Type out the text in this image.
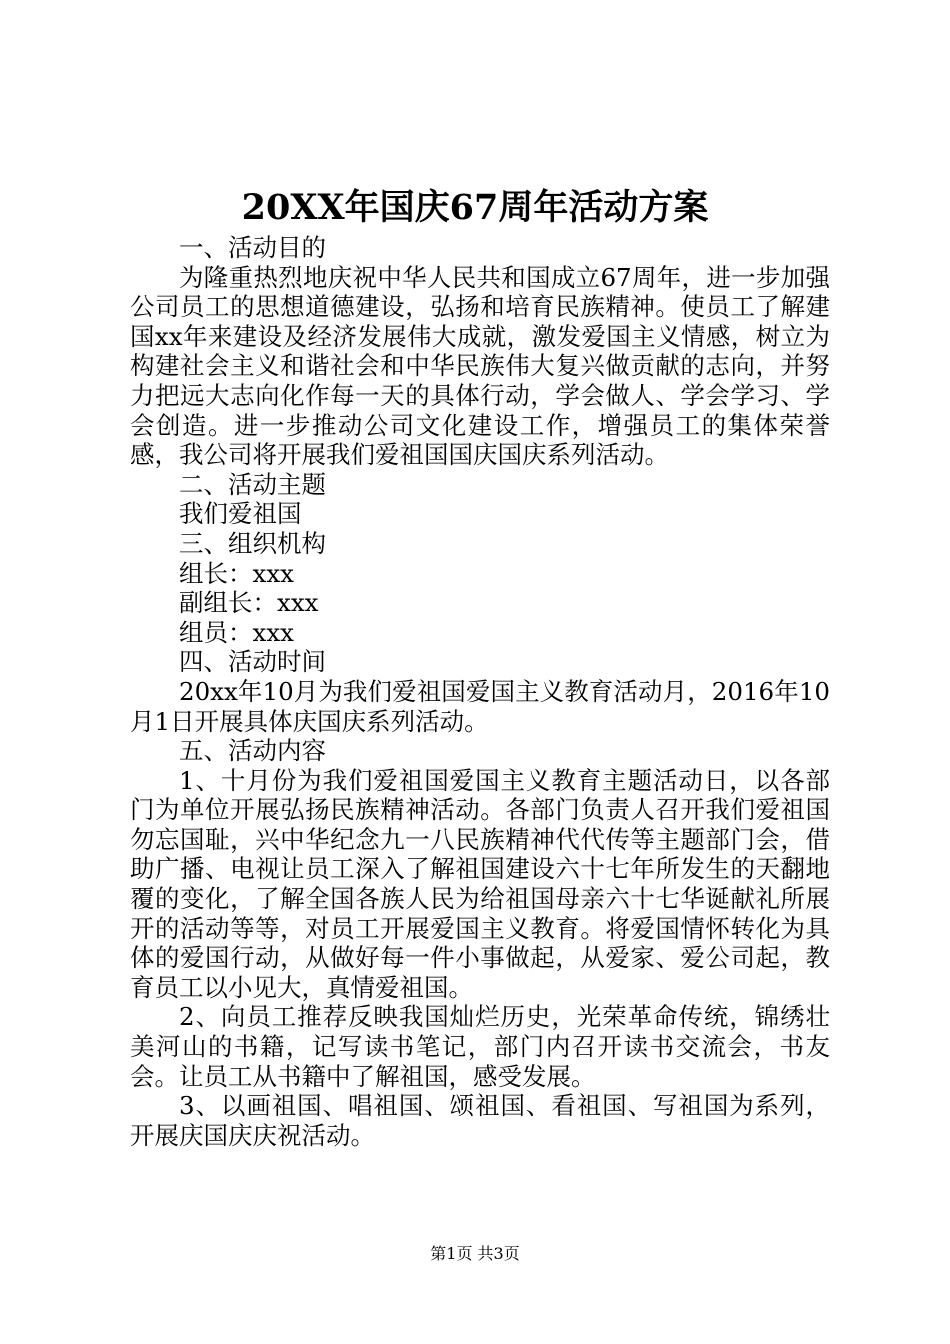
20XX年国庆67周年活动方案

一、活动目的

为隆重热烈地庆祝中华人民共和国成立67周年，进一步加强公司员工的思想道德建设，弘扬和培育民族精神。使员工了解建国xx年来建设及经济发展伟大成就，激发爱国主义情感，树立为构建社会主义和谐社会和中华民族伟大复兴做贡献的志向，并努力把远大志向化作每一天的具体行动，学会做人、学会学习、学会创造。进一步推动公司文化建设工作，增强员工的集体荣誉感，我公司将开展我们爱祖国国庆国庆系列活动。

二、活动主题

我们爱祖国

三、组织机构

组长：xxx

副组长：xxx

组员：xxx

四、活动时间

20xx年10月为我们爱祖国爱国主义教育活动月，2016年10月1日开展具体庆国庆系列活动。

五、活动内容

1、十月份为我们爱祖国爱国主义教育主题活动日，以各部门为单位开展弘扬民族精神活动。各部门负责人召开我们爱祖国勿忘国耻，兴中华纪念九一八民族精神代代传等主题部门会，借助广播、电视让员工深入了解祖国建设六十七年所发生的天翻地覆的变化，了解全国各族人民为给祖国母亲六十七华诞献礼所展开的活动等等，对员工开展爱国主义教育。将爱国情怀转化为具体的爱国行动，从做好每一件小事做起，从爱家、爱公司起，教育员工以小见大，真情爱祖国。

2、向员工推荐反映我国灿烂历史，光荣革命传统，锦绣壮美河山的书籍，记写读书笔记，部门内召开读书交流会，书友会。让员工从书籍中了解祖国，感受发展。

3、以画祖国、唱祖国、颂祖国、看祖国、写祖国为系列，开展庆国庆庆祝活动。

第1页 共3页
